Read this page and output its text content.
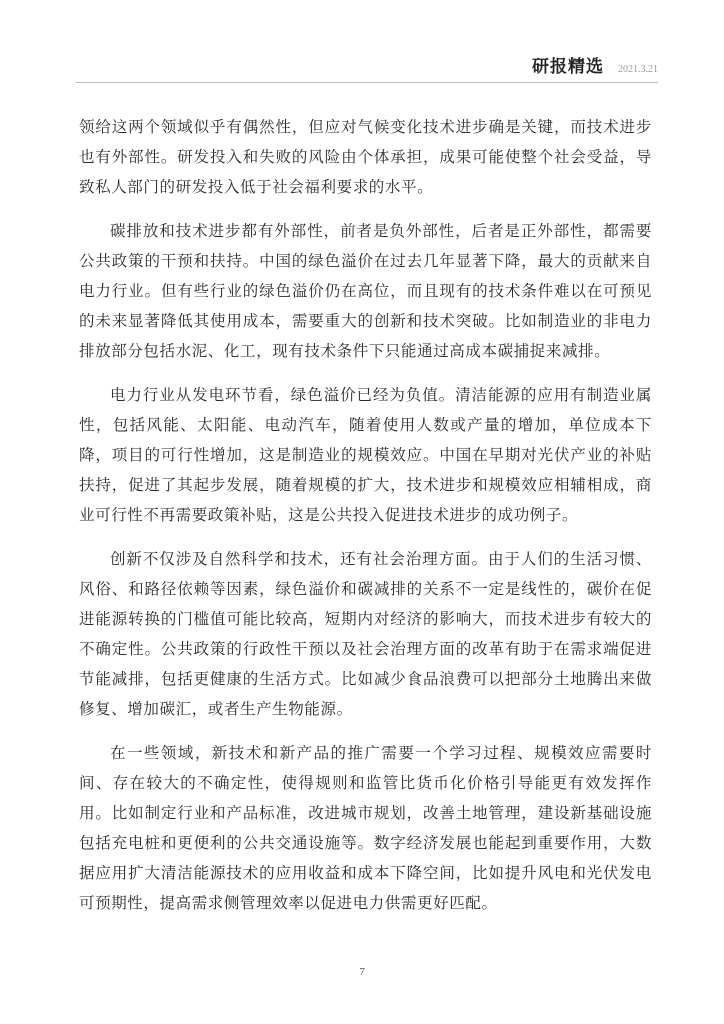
研报精选 2021.3.21

领给这两个领域似乎有偶然性，但应对气候变化技术进步确是关键，而技术进步也有外部性。研发投入和失败的风险由个体承担，成果可能使整个社会受益，导致私人部门的研发投入低于社会福利要求的水平。

碳排放和技术进步都有外部性，前者是负外部性，后者是正外部性，都需要公共政策的干预和扶持。中国的绿色溢价在过去几年显著下降，最大的贡献来自电力行业。但有些行业的绿色溢价仍在高位，而且现有的技术条件难以在可预见的未来显著降低其使用成本，需要重大的创新和技术突破。比如制造业的非电力排放部分包括水泥、化工，现有技术条件下只能通过高成本碳捕捉来减排。

电力行业从发电环节看，绿色溢价已经为负值。清洁能源的应用有制造业属性，包括风能、太阳能、电动汽车，随着使用人数或产量的增加，单位成本下降，项目的可行性增加，这是制造业的规模效应。中国在早期对光伏产业的补贴扶持，促进了其起步发展，随着规模的扩大，技术进步和规模效应相辅相成，商业可行性不再需要政策补贴，这是公共投入促进技术进步的成功例子。

创新不仅涉及自然科学和技术，还有社会治理方面。由于人们的生活习惯、风俗、和路径依赖等因素，绿色溢价和碳减排的关系不一定是线性的，碳价在促进能源转换的门槛值可能比较高，短期内对经济的影响大，而技术进步有较大的不确定性。公共政策的行政性干预以及社会治理方面的改革有助于在需求端促进节能减排，包括更健康的生活方式。比如减少食品浪费可以把部分土地腾出来做修复、增加碳汇，或者生产生物能源。

在一些领域，新技术和新产品的推广需要一个学习过程、规模效应需要时间、存在较大的不确定性，使得规则和监管比货币化价格引导能更有效发挥作用。比如制定行业和产品标准，改进城市规划，改善土地管理，建设新基础设施包括充电桩和更便利的公共交通设施等。数字经济发展也能起到重要作用，大数据应用扩大清洁能源技术的应用收益和成本下降空间，比如提升风电和光伏发电可预期性，提高需求侧管理效率以促进电力供需更好匹配。

7
